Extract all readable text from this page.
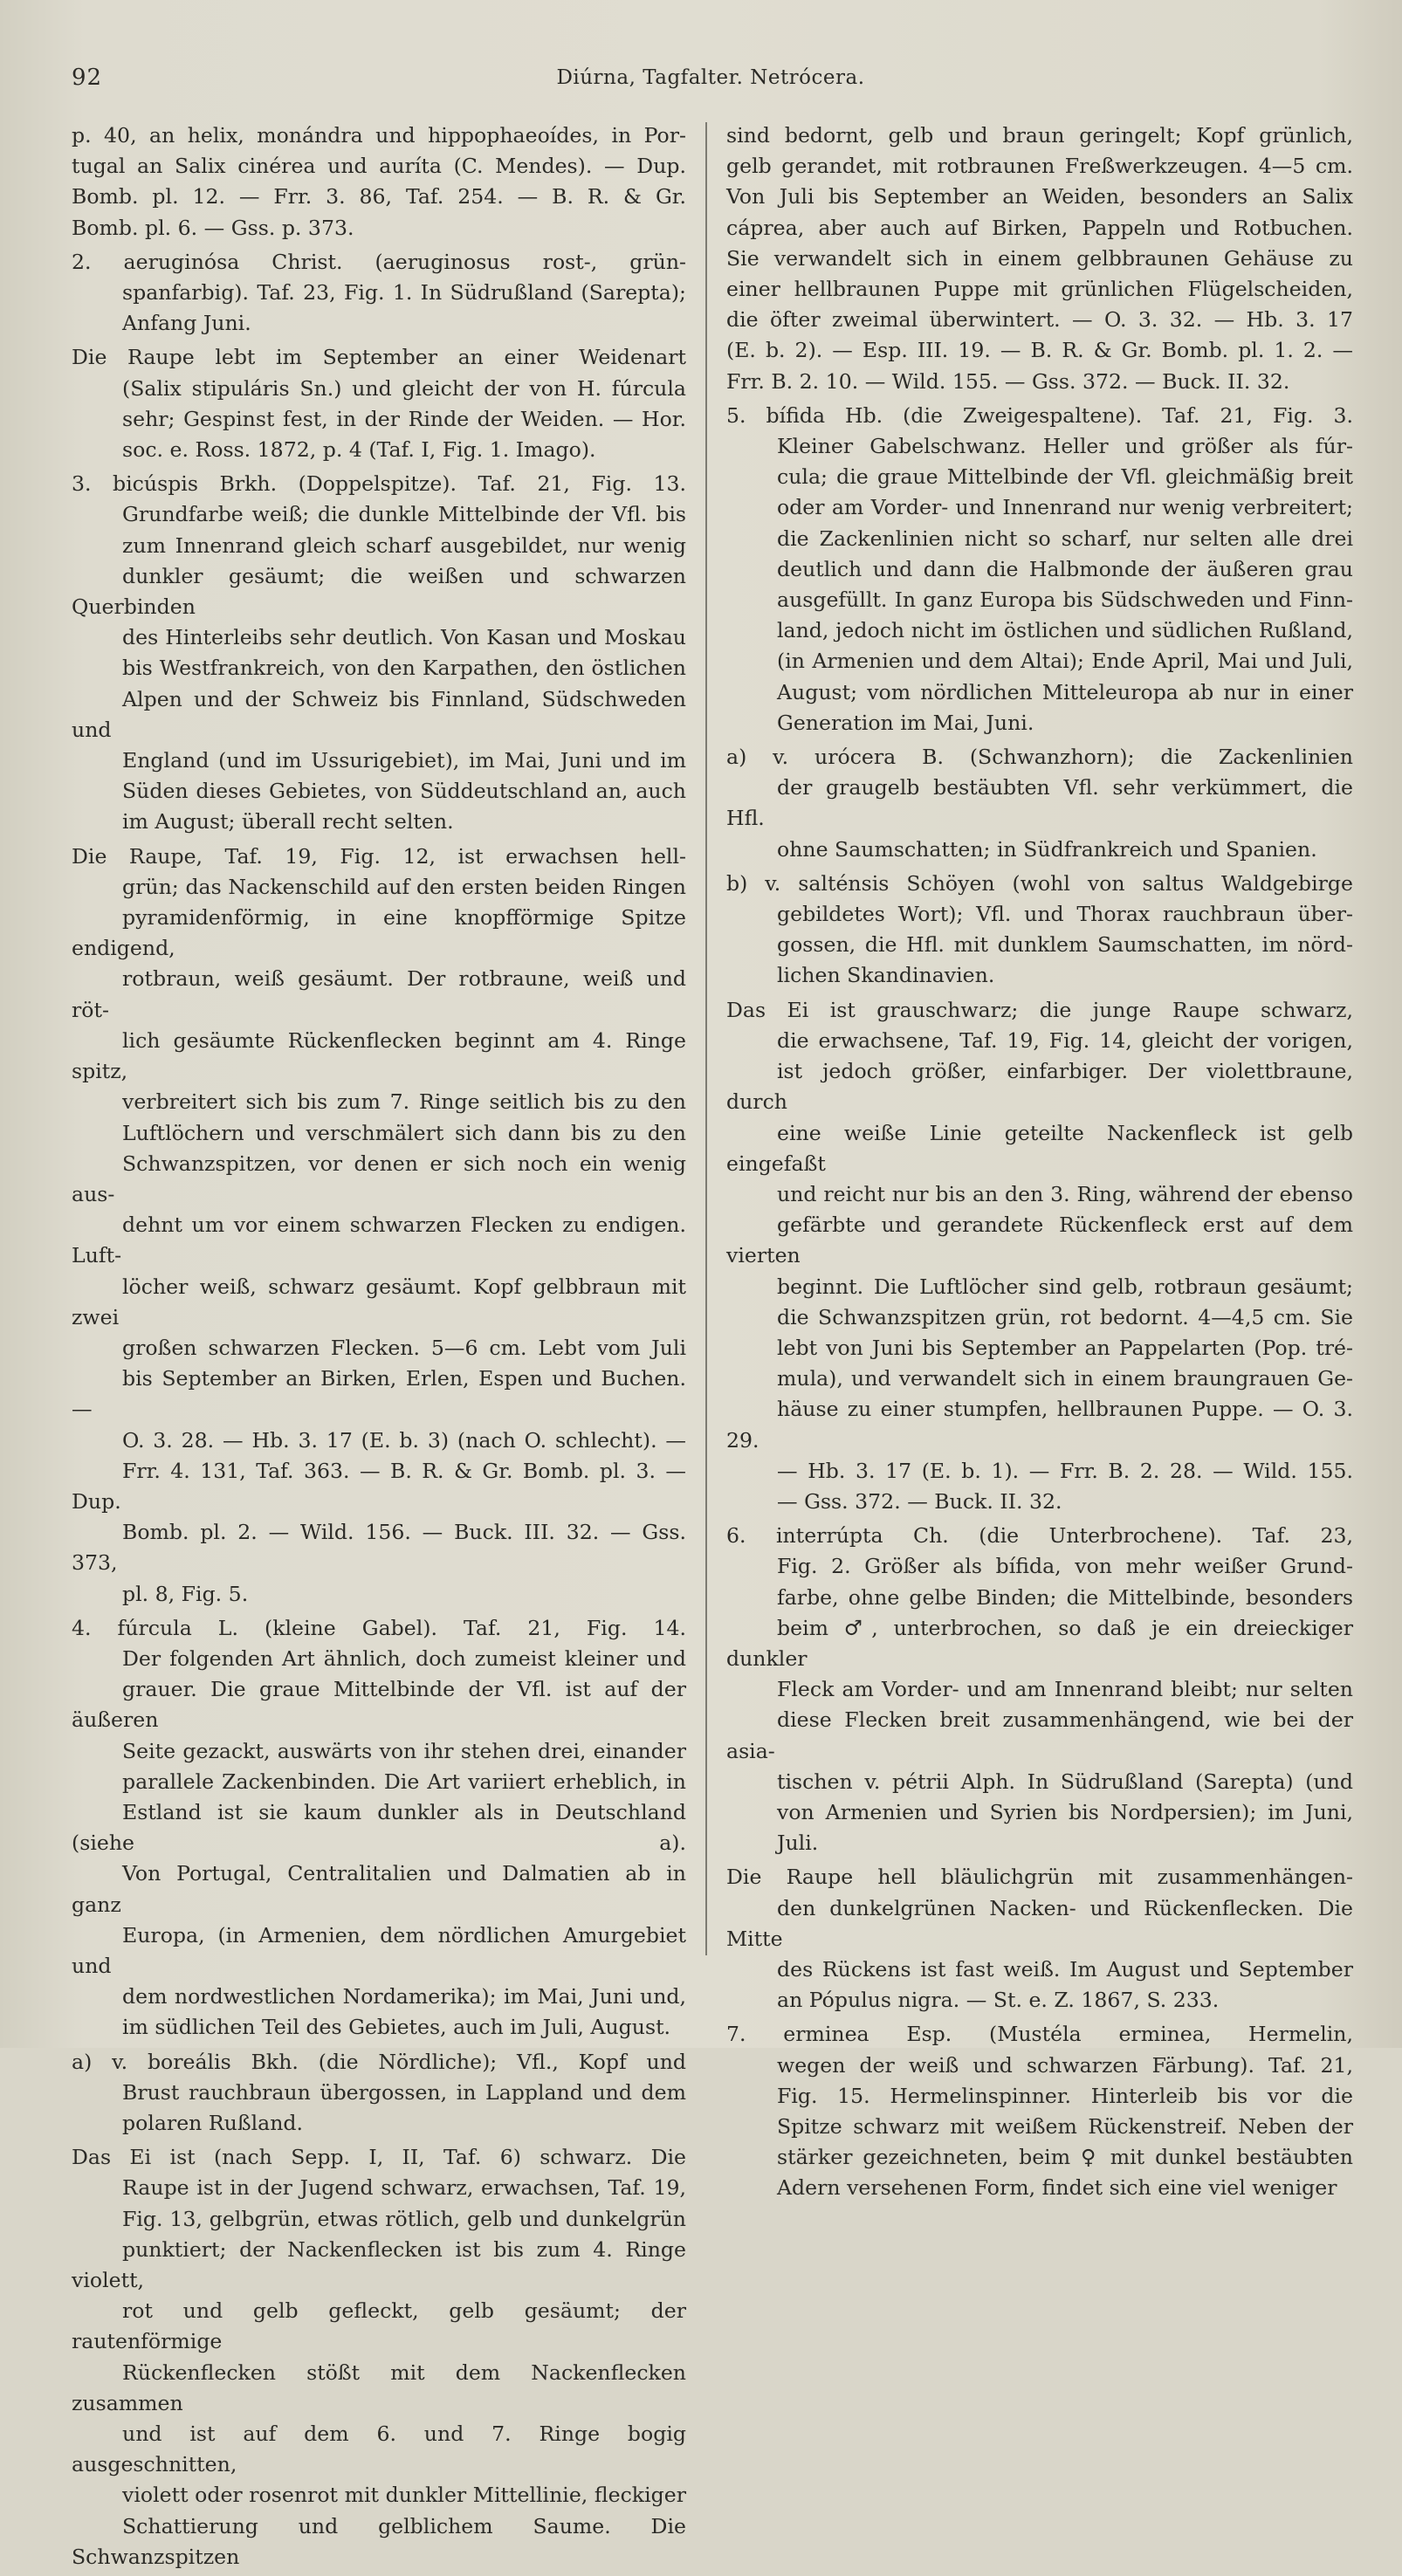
92	Diúrna, Tagfalter. Netrócera.

p. 40, an helix, monándra und hippophaeoídes, in Por-
tugal an Salix cinérea und auríta (C. Mendes). — Dup.
Bomb. pl. 12. — Frr. 3. 86, Taf. 254. — B. R. & Gr.
Bomb. pl. 6. — Gss. p. 373.

2. aeruginósa Christ. (aeruginosus rost-, grün-
spanfarbig). Taf. 23, Fig. 1. In Südrußland (Sarepta);
Anfang Juni.

Die Raupe lebt im September an einer Weidenart
(Salix stipuláris Sn.) und gleicht der von H. fúrcula
sehr; Gespinst fest, in der Rinde der Weiden. — Hor.
soc. e. Ross. 1872, p. 4 (Taf. I, Fig. 1. Imago).

3. bicúspis Brkh. (Doppelspitze). Taf. 21, Fig. 13.
Grundfarbe weiß; die dunkle Mittelbinde der Vfl. bis
zum Innenrand gleich scharf ausgebildet, nur wenig
dunkler gesäumt; die weißen und schwarzen Querbinden
des Hinterleibs sehr deutlich. Von Kasan und Moskau
bis Westfrankreich, von den Karpathen, den östlichen
Alpen und der Schweiz bis Finnland, Südschweden und
England (und im Ussurigebiet), im Mai, Juni und im
Süden dieses Gebietes, von Süddeutschland an, auch
im August; überall recht selten.

Die Raupe, Taf. 19, Fig. 12, ist erwachsen hell-
grün; das Nackenschild auf den ersten beiden Ringen
pyramidenförmig, in eine knopfförmige Spitze endigend,
rotbraun, weiß gesäumt. Der rotbraune, weiß und röt-
lich gesäumte Rückenflecken beginnt am 4. Ringe spitz,
verbreitert sich bis zum 7. Ringe seitlich bis zu den
Luftlöchern und verschmälert sich dann bis zu den
Schwanzspitzen, vor denen er sich noch ein wenig aus-
dehnt um vor einem schwarzen Flecken zu endigen. Luft-
löcher weiß, schwarz gesäumt. Kopf gelbbraun mit zwei
großen schwarzen Flecken. 5—6 cm. Lebt vom Juli
bis September an Birken, Erlen, Espen und Buchen. —
O. 3. 28. — Hb. 3. 17 (E. b. 3) (nach O. schlecht). —
Frr. 4. 131, Taf. 363. — B. R. & Gr. Bomb. pl. 3. — Dup.
Bomb. pl. 2. — Wild. 156. — Buck. III. 32. — Gss. 373,
pl. 8, Fig. 5.

4. fúrcula L. (kleine Gabel). Taf. 21, Fig. 14.
Der folgenden Art ähnlich, doch zumeist kleiner und
grauer. Die graue Mittelbinde der Vfl. ist auf der äußeren
Seite gezackt, auswärts von ihr stehen drei, einander
parallele Zackenbinden. Die Art variiert erheblich, in
Estland ist sie kaum dunkler als in Deutschland (siehe a).
Von Portugal, Centralitalien und Dalmatien ab in ganz
Europa, (in Armenien, dem nördlichen Amurgebiet und
dem nordwestlichen Nordamerika); im Mai, Juni und,
im südlichen Teil des Gebietes, auch im Juli, August.

a) v. boreális Bkh. (die Nördliche); Vfl., Kopf und
Brust rauchbraun übergossen, in Lappland und dem
polaren Rußland.

Das Ei ist (nach Sepp. I, II, Taf. 6) schwarz. Die
Raupe ist in der Jugend schwarz, erwachsen, Taf. 19,
Fig. 13, gelbgrün, etwas rötlich, gelb und dunkelgrün
punktiert; der Nackenflecken ist bis zum 4. Ringe violett,
rot und gelb gefleckt, gelb gesäumt; der rautenförmige
Rückenflecken stößt mit dem Nackenflecken zusammen
und ist auf dem 6. und 7. Ringe bogig ausgeschnitten,
violett oder rosenrot mit dunkler Mittellinie, fleckiger
Schattierung und gelblichem Saume. Die Schwanzspitzen

sind bedornt, gelb und braun geringelt; Kopf grünlich,
gelb gerandet, mit rotbraunen Freßwerkzeugen. 4—5 cm.
Von Juli bis September an Weiden, besonders an Salix
cáprea, aber auch auf Birken, Pappeln und Rotbuchen.
Sie verwandelt sich in einem gelbbraunen Gehäuse zu
einer hellbraunen Puppe mit grünlichen Flügelscheiden,
die öfter zweimal überwintert. — O. 3. 32. — Hb. 3. 17
(E. b. 2). — Esp. III. 19. — B. R. & Gr. Bomb. pl. 1. 2. —
Frr. B. 2. 10. — Wild. 155. — Gss. 372. — Buck. II. 32.

5. bífida Hb. (die Zweigespaltene). Taf. 21, Fig. 3.
Kleiner Gabelschwanz. Heller und größer als fúr-
cula; die graue Mittelbinde der Vfl. gleichmäßig breit
oder am Vorder- und Innenrand nur wenig verbreitert;
die Zackenlinien nicht so scharf, nur selten alle drei
deutlich und dann die Halbmonde der äußeren grau
ausgefüllt. In ganz Europa bis Südschweden und Finn-
land, jedoch nicht im östlichen und südlichen Rußland,
(in Armenien und dem Altai); Ende April, Mai und Juli,
August; vom nördlichen Mitteleuropa ab nur in einer
Generation im Mai, Juni.

a) v. urócera B. (Schwanzhorn); die Zackenlinien
der graugelb bestäubten Vfl. sehr verkümmert, die Hfl.
ohne Saumschatten; in Südfrankreich und Spanien.

b) v. salténsis Schöyen (wohl von saltus Waldgebirge
gebildetes Wort); Vfl. und Thorax rauchbraun über-
gossen, die Hfl. mit dunklem Saumschatten, im nörd-
lichen Skandinavien.

Das Ei ist grauschwarz; die junge Raupe schwarz,
die erwachsene, Taf. 19, Fig. 14, gleicht der vorigen,
ist jedoch größer, einfarbiger. Der violettbraune, durch
eine weiße Linie geteilte Nackenfleck ist gelb eingefaßt
und reicht nur bis an den 3. Ring, während der ebenso
gefärbte und gerandete Rückenfleck erst auf dem vierten
beginnt. Die Luftlöcher sind gelb, rotbraun gesäumt;
die Schwanzspitzen grün, rot bedornt. 4—4,5 cm. Sie
lebt von Juni bis September an Pappelarten (Pop. tré-
mula), und verwandelt sich in einem braungrauen Ge-
häuse zu einer stumpfen, hellbraunen Puppe. — O. 3. 29.
— Hb. 3. 17 (E. b. 1). — Frr. B. 2. 28. — Wild. 155.
— Gss. 372. — Buck. II. 32.

6. interrúpta Ch. (die Unterbrochene). Taf. 23,
Fig. 2. Größer als bífida, von mehr weißer Grund-
farbe, ohne gelbe Binden; die Mittelbinde, besonders
beim ♂, unterbrochen, so daß je ein dreieckiger dunkler
Fleck am Vorder- und am Innenrand bleibt; nur selten
diese Flecken breit zusammenhängend, wie bei der asia-
tischen v. pétrii Alph. In Südrußland (Sarepta) (und
von Armenien und Syrien bis Nordpersien); im Juni,
Juli.

Die Raupe hell bläulichgrün mit zusammenhängen-
den dunkelgrünen Nacken- und Rückenflecken. Die Mitte
des Rückens ist fast weiß. Im August und September
an Pópulus nigra. — St. e. Z. 1867, S. 233.

7. erminea Esp. (Mustéla erminea, Hermelin,
wegen der weiß und schwarzen Färbung). Taf. 21,
Fig. 15. Hermelinspinner. Hinterleib bis vor die
Spitze schwarz mit weißem Rückenstreif. Neben der
stärker gezeichneten, beim ♀ mit dunkel bestäubten
Adern versehenen Form, findet sich eine viel weniger
